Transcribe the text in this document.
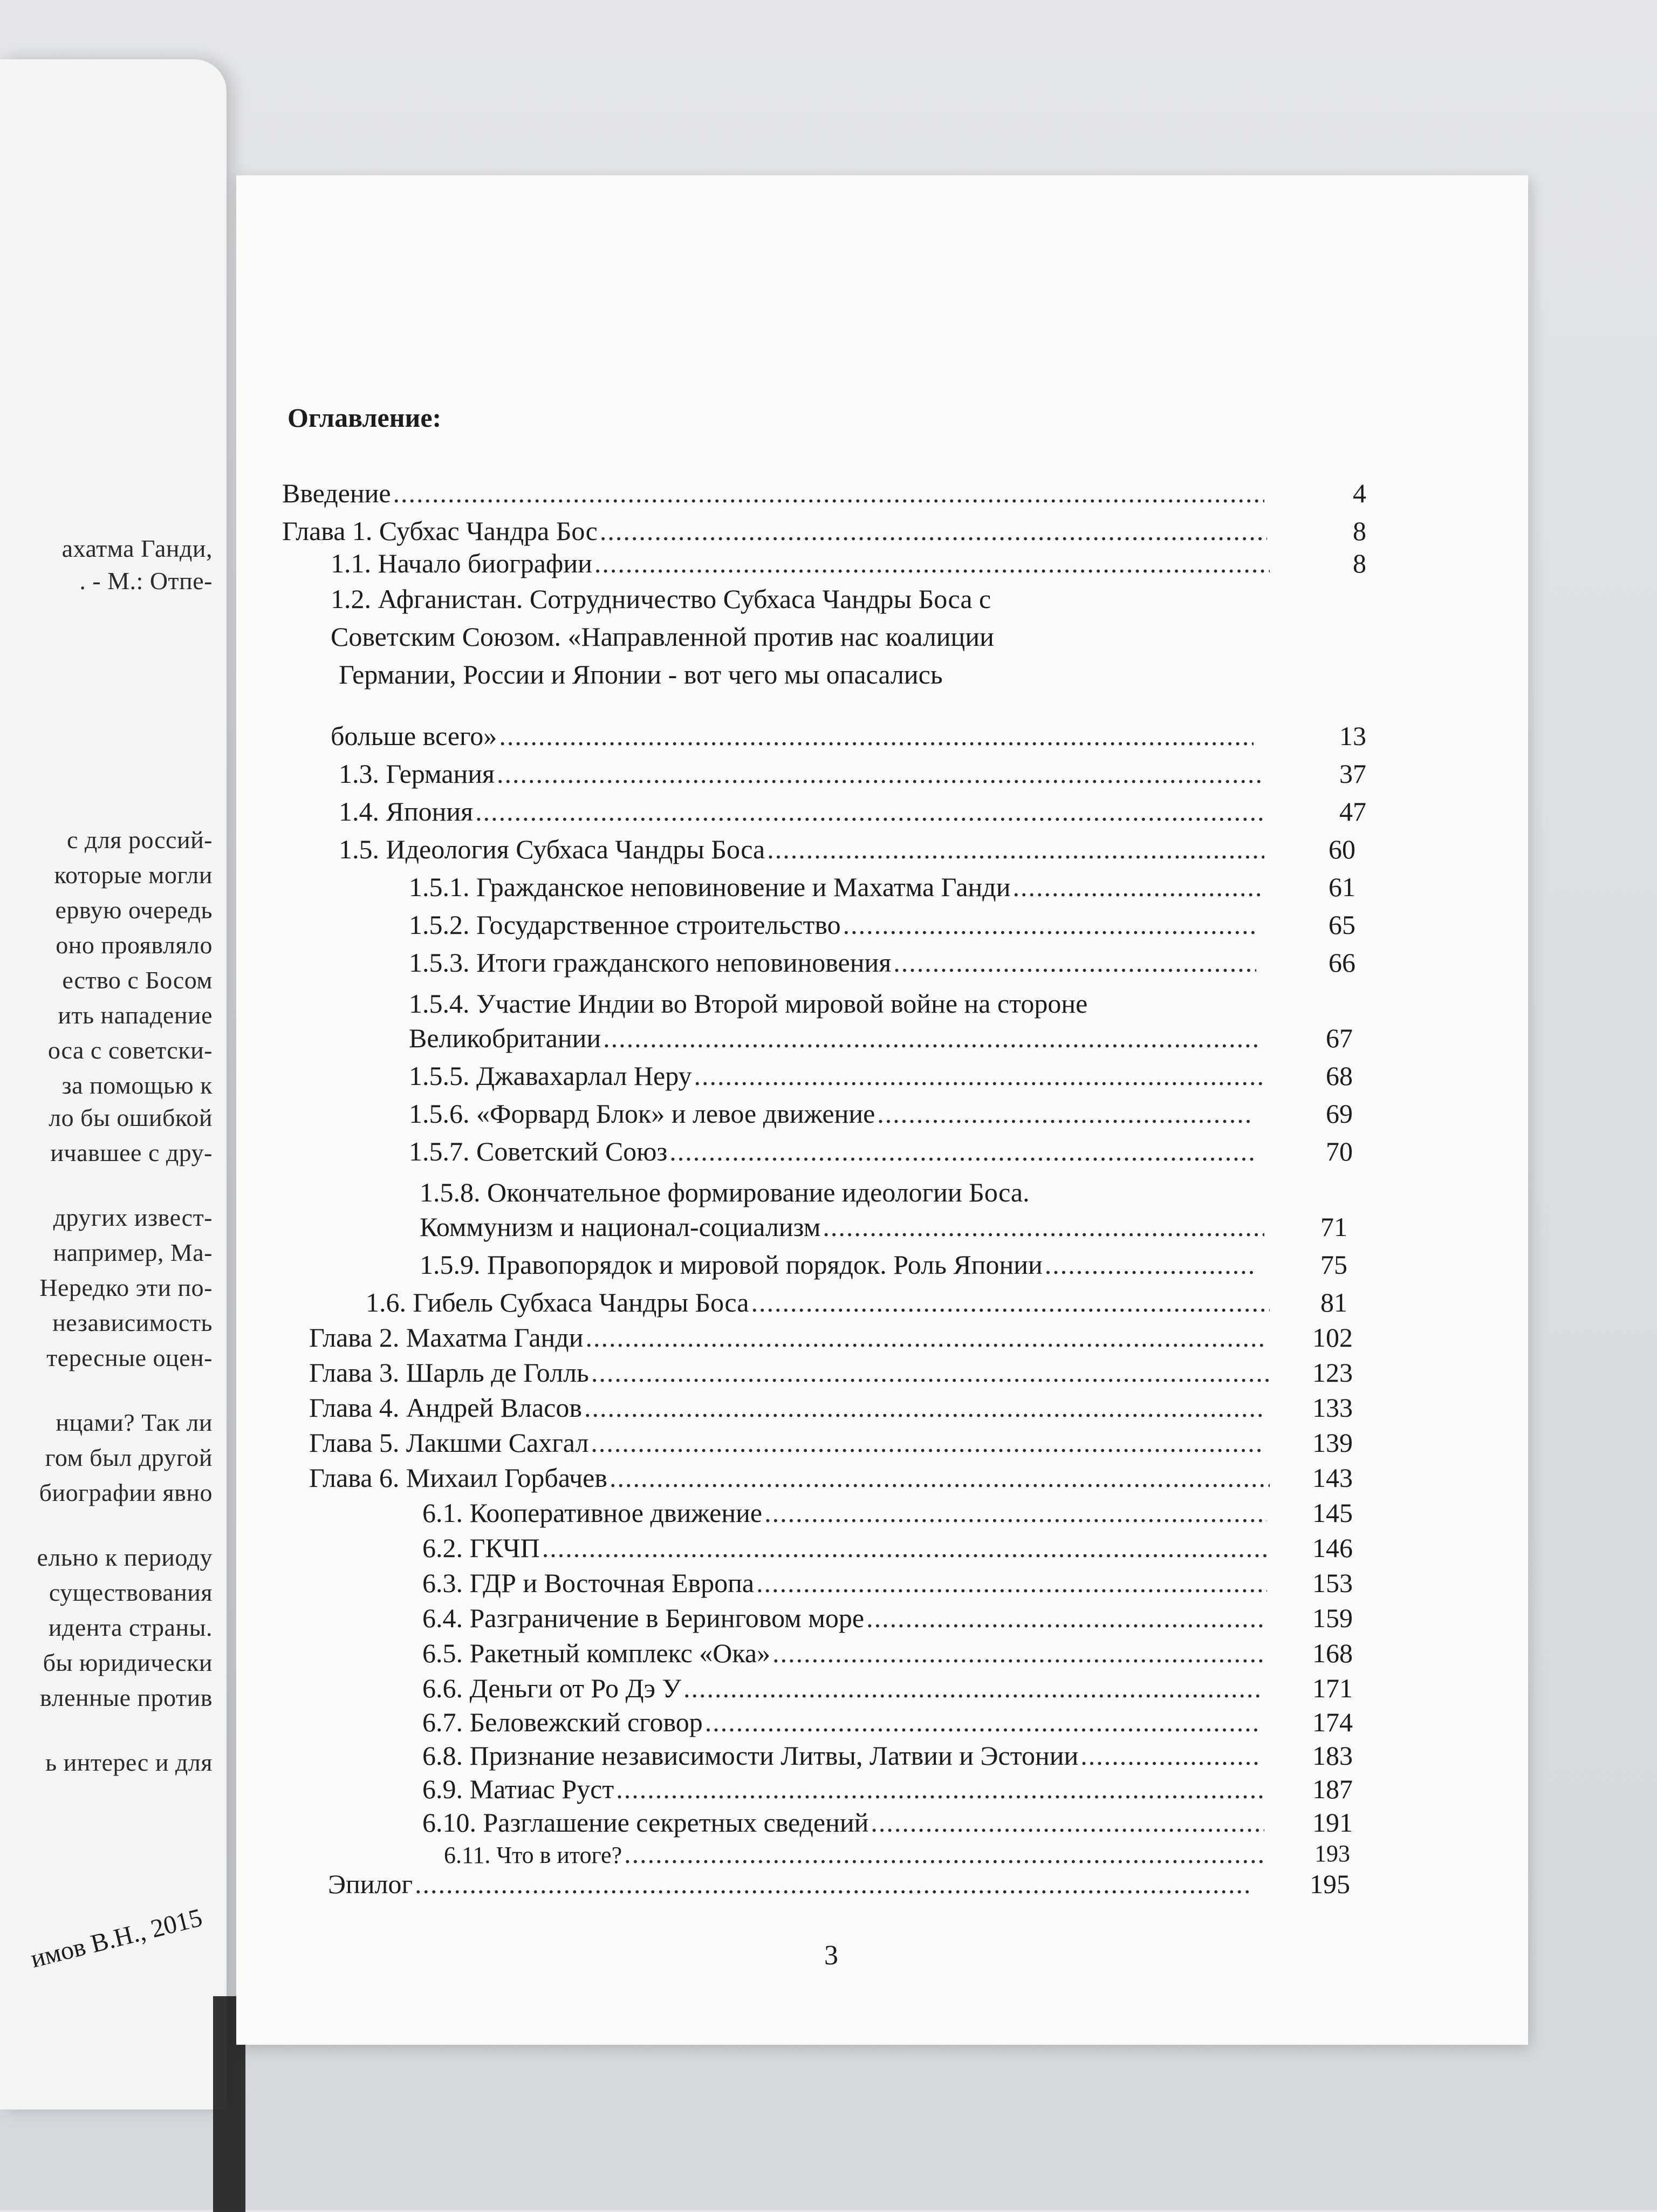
ахатма Ганди,
. - М.: Отпе-
с для россий-
которые могли
ервую очередь
оно проявляло
ество с Босом
ить нападение
оса с советски-
за помощью к
ло бы ошибкой
ичавшее с дру-
других извест-
например, Ма-
Нередко эти по-
независимость
тересные оцен-
нцами? Так ли
гом был другой
биографии явно
ельно к периоду
существования
идента страны.
бы юридически
вленные против
ь интерес и для
имов В.Н., 2015
Оглавление:
Введение .....	4
Глава 1. Субхас Чандра Бос .....	8
1.1. Начало биографии .....	8
1.2. Афганистан. Сотрудничество Субхаса Чандры Боса с
Советским Союзом. «Направленной против нас коалиции
Германии, России и Японии - вот чего мы опасались
больше всего» .....	13
1.3. Германия .....	37
1.4. Япония .....	47
1.5. Идеология Субхаса Чандры Боса .....	60
1.5.1. Гражданское неповиновение и Махатма Ганди .....	61
1.5.2. Государственное строительство .....	65
1.5.3. Итоги гражданского неповиновения .....	66
1.5.4. Участие Индии во Второй мировой войне на стороне
Великобритании .....	67
1.5.5. Джавахарлал Неру .....	68
1.5.6. «Форвард Блок» и левое движение .....	69
1.5.7. Советский Союз .....	70
1.5.8. Окончательное формирование идеологии Боса.
Коммунизм и национал-социализм .....	71
1.5.9. Правопорядок и мировой порядок. Роль Японии .....	75
1.6. Гибель Субхаса Чандры Боса .....	81
Глава 2. Махатма Ганди .....	102
Глава 3. Шарль де Голль .....	123
Глава 4. Андрей Власов .....	133
Глава 5. Лакшми Сахгал .....	139
Глава 6. Михаил Горбачев .....	143
6.1. Кооперативное движение .....	145
6.2. ГКЧП .....	146
6.3. ГДР и Восточная Европа .....	153
6.4. Разграничение в Беринговом море .....	159
6.5. Ракетный комплекс «Ока» .....	168
6.6. Деньги от Ро Дэ У .....	171
6.7. Беловежский сговор .....	174
6.8. Признание независимости Литвы, Латвии и Эстонии .....	183
6.9. Матиас Руст .....	187
6.10. Разглашение секретных сведений .....	191
6.11. Что в итоге? .....	193
Эпилог .....	195
3
